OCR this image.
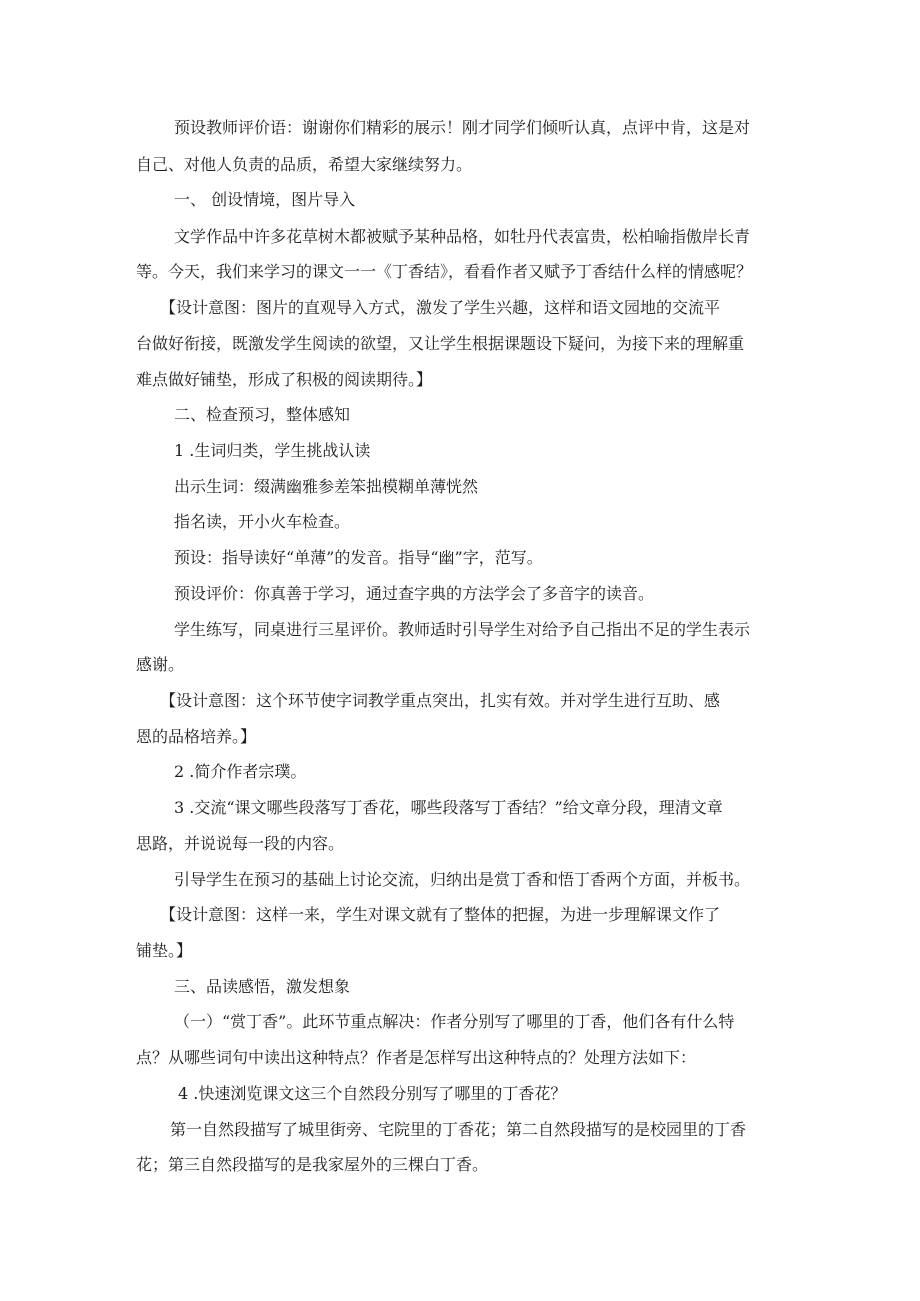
预设教师评价语：谢谢你们精彩的展示！刚才同学们倾听认真，点评中肯，这是对

自己、对他人负责的品质，希望大家继续努力。

一、 创设情境，图片导入

文学作品中许多花草树木都被赋予某种品格，如牡丹代表富贵，松柏喻指傲岸长青

等。今天，我们来学习的课文一一《丁香结》，看看作者又赋予丁香结什么样的情感呢？

【设计意图：图片的直观导入方式，激发了学生兴趣，这样和语文园地的交流平

台做好衔接，既激发学生阅读的欲望，又让学生根据课题设下疑问，为接下来的理解重

难点做好铺垫，形成了积极的阅读期待。】

二、检查预习，整体感知

1 .生词归类，学生挑战认读

出示生词：缀满幽雅参差笨拙模糊单薄恍然

指名读，开小火车检查。

预设：指导读好“单薄”的发音。指导“幽”字，范写。

预设评价：你真善于学习，通过查字典的方法学会了多音字的读音。

学生练写，同桌进行三星评价。教师适时引导学生对给予自己指出不足的学生表示

感谢。

【设计意图：这个环节使字词教学重点突出，扎实有效。并对学生进行互助、感

恩的品格培养。】

2 .简介作者宗璞。

3 .交流“课文哪些段落写丁香花，哪些段落写丁香结？”给文章分段，理清文章

思路，并说说每一段的内容。

引导学生在预习的基础上讨论交流，归纳出是赏丁香和悟丁香两个方面，并板书。

【设计意图：这样一来，学生对课文就有了整体的把握，为进一步理解课文作了

铺垫。】

三、品读感悟，激发想象

（一）“赏丁香”。此环节重点解决：作者分别写了哪里的丁香，他们各有什么特

点？从哪些词句中读出这种特点？作者是怎样写出这种特点的？处理方法如下：

4 .快速浏览课文这三个自然段分别写了哪里的丁香花？

第一自然段描写了城里街旁、宅院里的丁香花；第二自然段描写的是校园里的丁香

花；第三自然段描写的是我家屋外的三棵白丁香。
